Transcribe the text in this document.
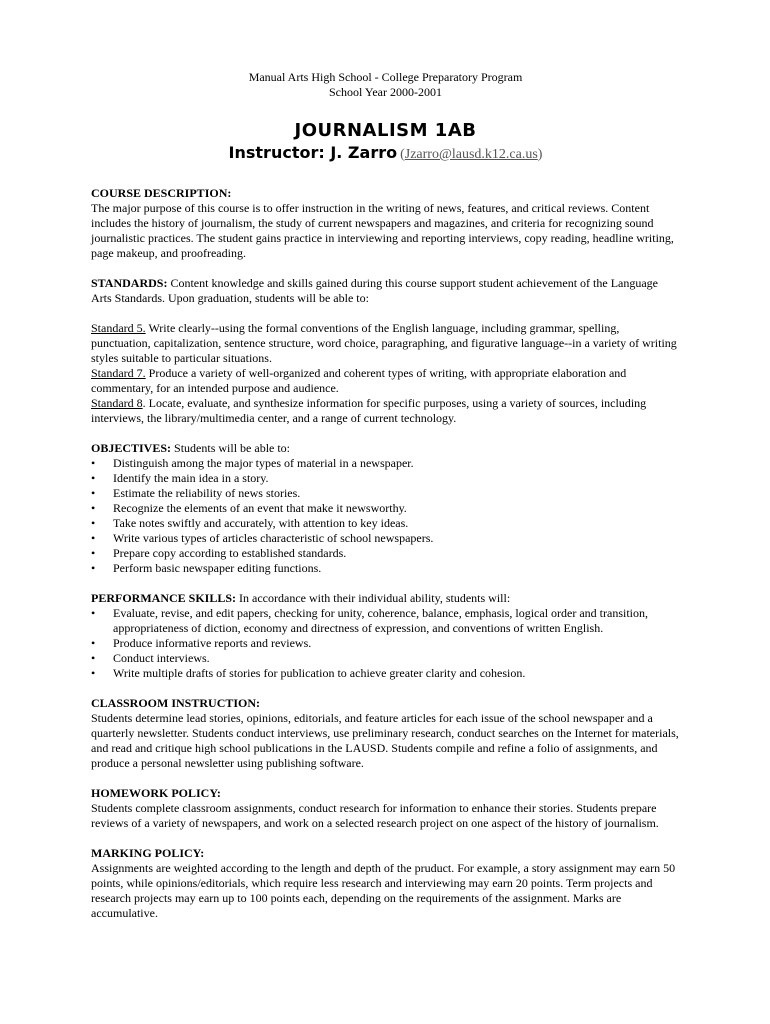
Manual Arts High School - College Preparatory Program
School Year 2000-2001
JOURNALISM 1AB
Instructor: J. Zarro (Jzarro@lausd.k12.ca.us)
COURSE DESCRIPTION:

The major purpose of this course is to offer instruction in the writing of news, features, and critical reviews. Content includes the history of journalism, the study of current newspapers and magazines, and criteria for recognizing sound journalistic practices. The student gains practice in interviewing and reporting interviews, copy reading, headline writing, page makeup, and proofreading.

STANDARDS: Content knowledge and skills gained during this course support student achievement of the Language Arts Standards. Upon graduation, students will be able to:

Standard 5. Write clearly--using the formal conventions of the English language, including grammar, spelling, punctuation, capitalization, sentence structure, word choice, paragraphing, and figurative language--in a variety of writing styles suitable to particular situations.

Standard 7. Produce a variety of well-organized and coherent types of writing, with appropriate elaboration and commentary, for an intended purpose and audience.

Standard 8. Locate, evaluate, and synthesize information for specific purposes, using a variety of sources, including interviews, the library/multimedia center, and a range of current technology.

OBJECTIVES: Students will be able to:
• Distinguish among the major types of material in a newspaper.
• Identify the main idea in a story.
• Estimate the reliability of news stories.
• Recognize the elements of an event that make it newsworthy.
• Take notes swiftly and accurately, with attention to key ideas.
• Write various types of articles characteristic of school newspapers.
• Prepare copy according to established standards.
• Perform basic newspaper editing functions.
PERFORMANCE SKILLS: In accordance with their individual ability, students will:
• Evaluate, revise, and edit papers, checking for unity, coherence, balance, emphasis, logical order and transition, appropriateness of diction, economy and directness of expression, and conventions of written English.
• Produce informative reports and reviews.
• Conduct interviews.
• Write multiple drafts of stories for publication to achieve greater clarity and cohesion.
CLASSROOM INSTRUCTION:

Students determine lead stories, opinions, editorials, and feature articles for each issue of the school newspaper and a quarterly newsletter. Students conduct interviews, use preliminary research, conduct searches on the Internet for materials, and read and critique high school publications in the LAUSD. Students compile and refine a folio of assignments, and produce a personal newsletter using publishing software.

HOMEWORK POLICY:

Students complete classroom assignments, conduct research for information to enhance their stories. Students prepare reviews of a variety of newspapers, and work on a selected research project on one aspect of the history of journalism.

MARKING POLICY:

Assignments are weighted according to the length and depth of the pruduct. For example, a story assignment may earn 50 points, while opinions/editorials, which require less research and interviewing may earn 20 points. Term projects and research projects may earn up to 100 points each, depending on the requirements of the assignment. Marks are accumulative.
